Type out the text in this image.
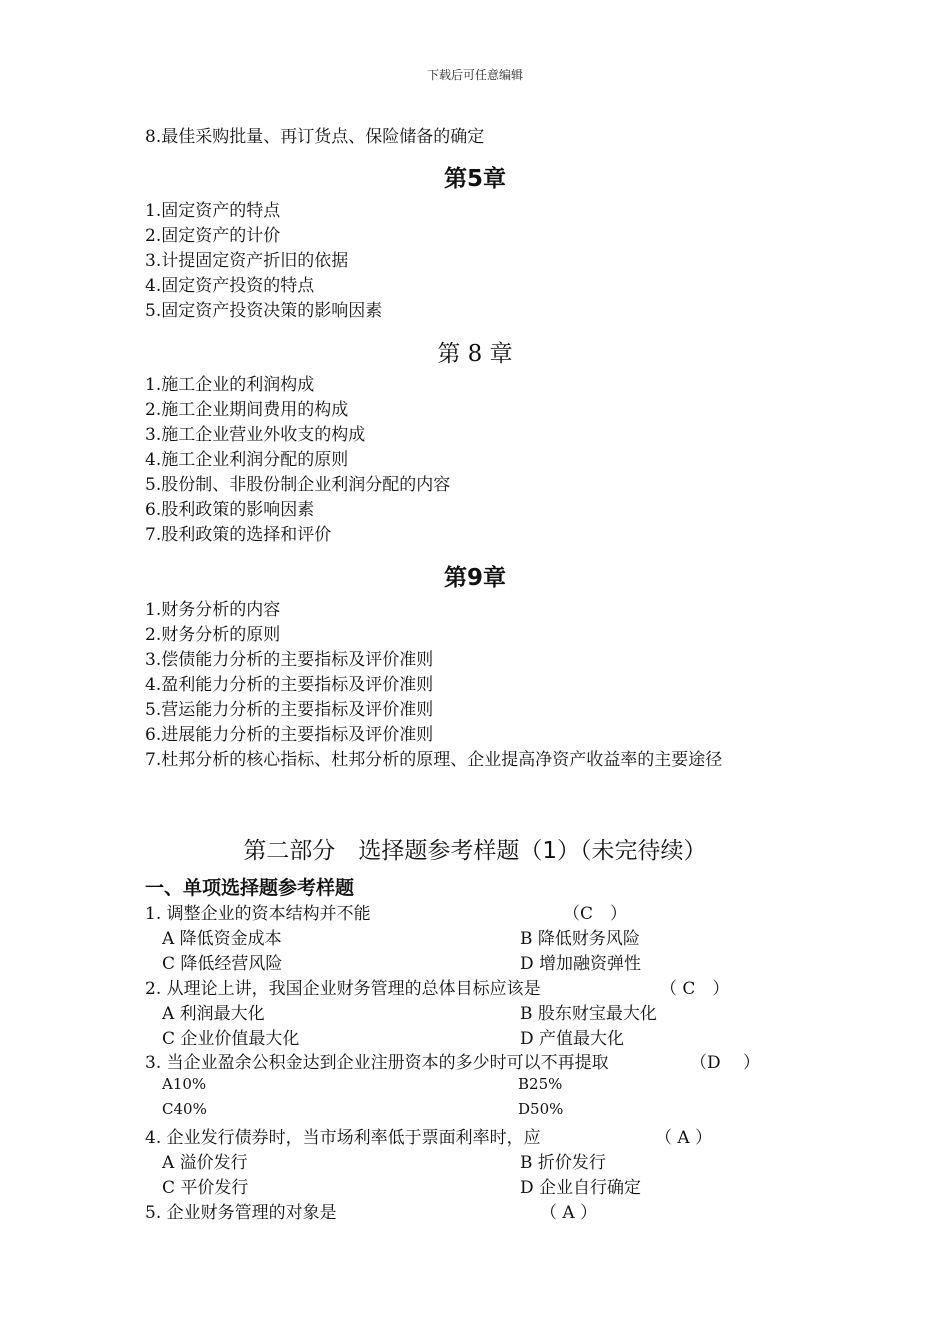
下载后可任意编辑
8.最佳采购批量、再订货点、保险储备的确定
第5章
1.固定资产的特点
2.固定资产的计价
3.计提固定资产折旧的依据
4.固定资产投资的特点
5.固定资产投资决策的影响因素
第 8 章
1.施工企业的利润构成
2.施工企业期间费用的构成
3.施工企业营业外收支的构成
4.施工企业利润分配的原则
5.股份制、非股份制企业利润分配的内容
6.股利政策的影响因素
7.股利政策的选择和评价
第9章
1.财务分析的内容
2.财务分析的原则
3.偿债能力分析的主要指标及评价准则
4.盈利能力分析的主要指标及评价准则
5.营运能力分析的主要指标及评价准则
6.进展能力分析的主要指标及评价准则
7.杜邦分析的核心指标、杜邦分析的原理、企业提高净资产收益率的主要途径
第二部分　选择题参考样题（1）（未完待续）
一、单项选择题参考样题
1. 调整企业的资本结构并不能	（C　）
A 降低资金成本	B 降低财务风险
C 降低经营风险	D 增加融资弹性
2. 从理论上讲，我国企业财务管理的总体目标应该是	（ C　）
A 利润最大化	B 股东财宝最大化
C 企业价值最大化	D 产值最大化
3. 当企业盈余公积金达到企业注册资本的多少时可以不再提取	（D　 ）
A10%	B25%
C40%	D50%
4. 企业发行债券时，当市场利率低于票面利率时，应	（ A ）
A 溢价发行	B 折价发行
C 平价发行	D 企业自行确定
5. 企业财务管理的对象是	（ A ）
